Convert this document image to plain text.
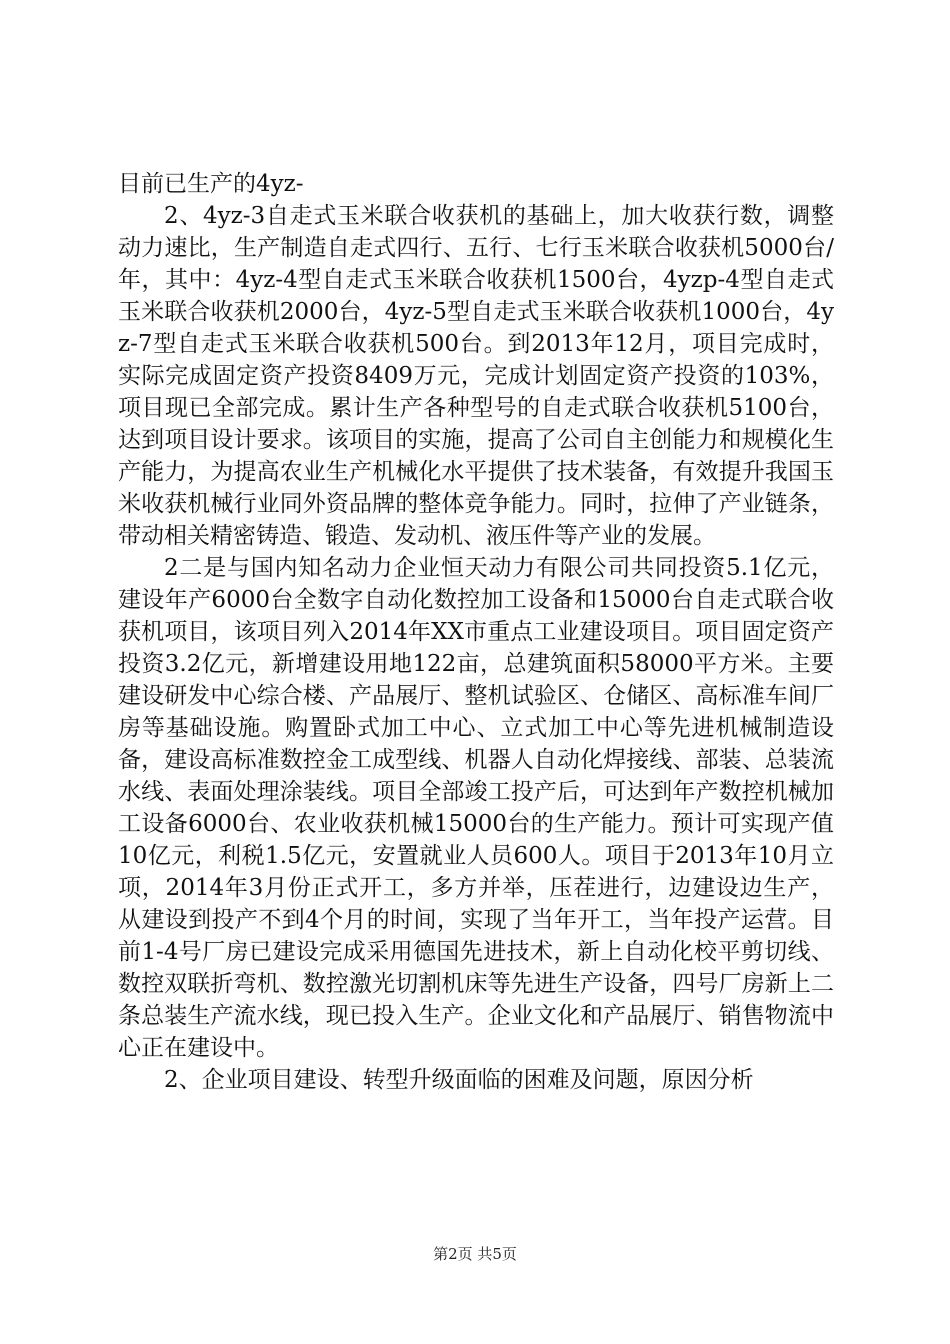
目前已生产的4yz-

2、4yz-3自走式玉米联合收获机的基础上，加大收获行数，调整动力速比，生产制造自走式四行、五行、七行玉米联合收获机5000台/年，其中：4yz-4型自走式玉米联合收获机1500台，4yzp-4型自走式玉米联合收获机2000台，4yz-5型自走式玉米联合收获机1000台，4yz-7型自走式玉米联合收获机500台。到2013年12月，项目完成时，实际完成固定资产投资8409万元，完成计划固定资产投资的103%，项目现已全部完成。累计生产各种型号的自走式联合收获机5100台，达到项目设计要求。该项目的实施，提高了公司自主创能力和规模化生产能力，为提高农业生产机械化水平提供了技术装备，有效提升我国玉米收获机械行业同外资品牌的整体竞争能力。同时，拉伸了产业链条，带动相关精密铸造、锻造、发动机、液压件等产业的发展。

2二是与国内知名动力企业恒天动力有限公司共同投资5.1亿元，建设年产6000台全数字自动化数控加工设备和15000台自走式联合收获机项目，该项目列入2014年XX市重点工业建设项目。项目固定资产投资3.2亿元，新增建设用地122亩，总建筑面积58000平方米。主要建设研发中心综合楼、产品展厅、整机试验区、仓储区、高标准车间厂房等基础设施。购置卧式加工中心、立式加工中心等先进机械制造设备，建设高标准数控金工成型线、机器人自动化焊接线、部装、总装流水线、表面处理涂装线。项目全部竣工投产后，可达到年产数控机械加工设备6000台、农业收获机械15000台的生产能力。预计可实现产值10亿元，利税1.5亿元，安置就业人员600人。项目于2013年10月立项，2014年3月份正式开工，多方并举，压茬进行，边建设边生产，从建设到投产不到4个月的时间，实现了当年开工，当年投产运营。目前1-4号厂房已建设完成采用德国先进技术，新上自动化校平剪切线、数控双联折弯机、数控激光切割机床等先进生产设备，四号厂房新上二条总装生产流水线，现已投入生产。企业文化和产品展厅、销售物流中心正在建设中。

2、企业项目建设、转型升级面临的困难及问题，原因分析

第2页 共5页
